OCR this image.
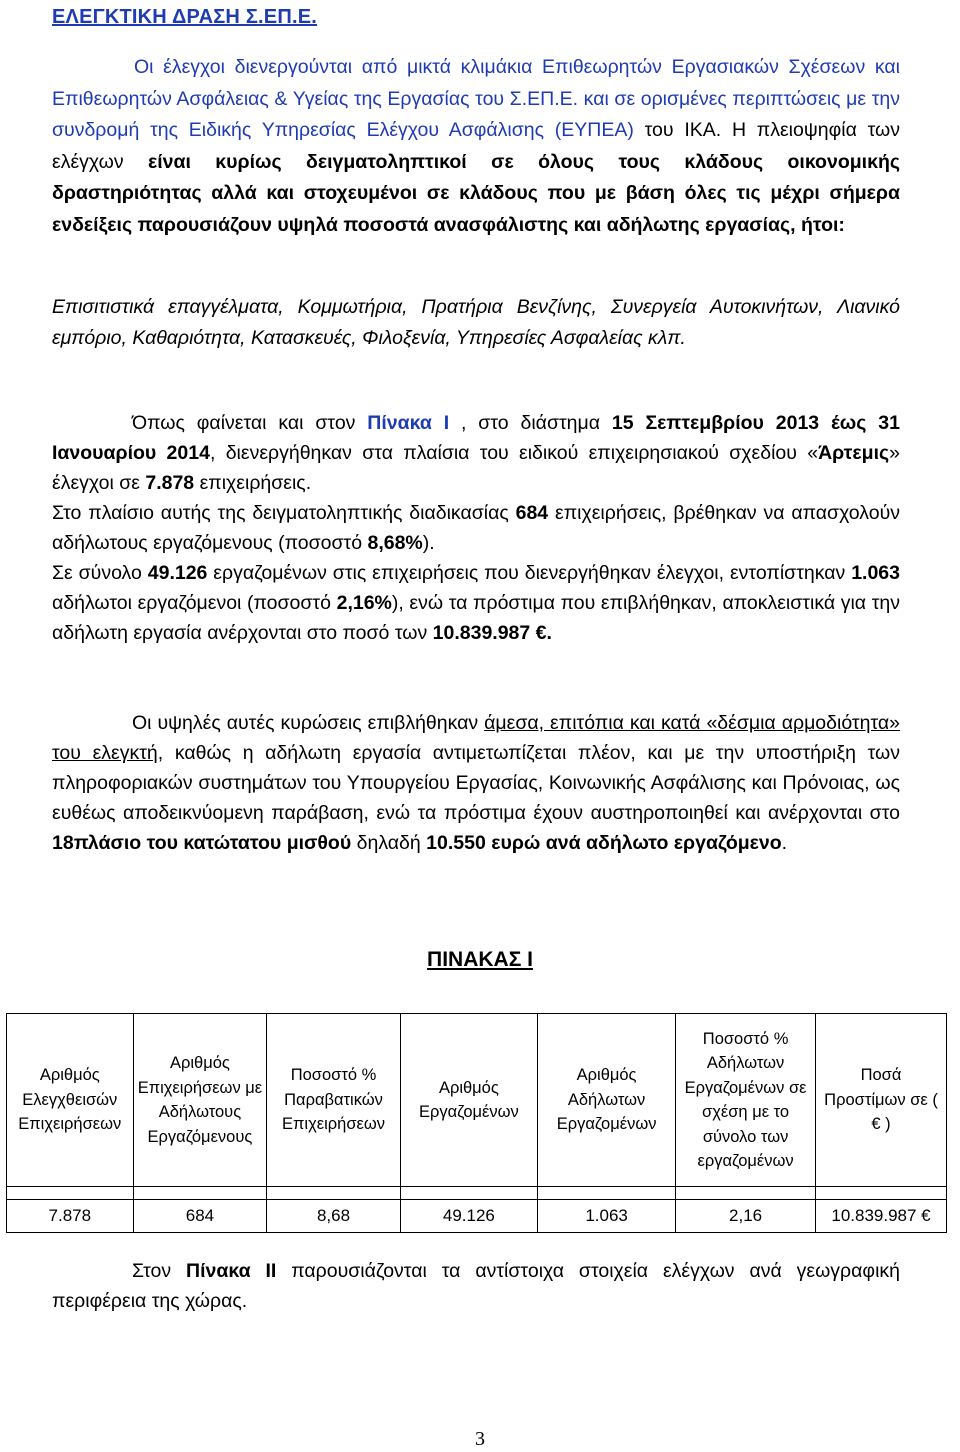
ΕΛΕΓΚΤΙΚΗ ΔΡΑΣΗ Σ.ΕΠ.Ε.
Οι έλεγχοι διενεργούνται από μικτά κλιμάκια Επιθεωρητών Εργασιακών Σχέσεων και Επιθεωρητών Ασφάλειας & Υγείας της Εργασίας του Σ.ΕΠ.Ε. και σε ορισμένες περιπτώσεις με την συνδρομή της Ειδικής Υπηρεσίας Ελέγχου Ασφάλισης (ΕΥΠΕΑ) του ΙΚΑ. Η πλειοψηφία των ελέγχων είναι κυρίως δειγματοληπτικοί σε όλους τους κλάδους οικονομικής δραστηριότητας αλλά και στοχευμένοι σε κλάδους που με βάση όλες τις μέχρι σήμερα ενδείξεις παρουσιάζουν υψηλά ποσοστά ανασφάλιστης και αδήλωτης εργασίας, ήτοι:
Επισιτιστικά επαγγέλματα, Κομμωτήρια, Πρατήρια Βενζίνης, Συνεργεία Αυτοκινήτων, Λιανικό εμπόριο, Καθαριότητα, Κατασκευές, Φιλοξενία, Υπηρεσίες Ασφαλείας κλπ.
Όπως φαίνεται και στον Πίνακα Ι , στο διάστημα 15 Σεπτεμβρίου 2013 έως 31 Ιανουαρίου 2014, διενεργήθηκαν στα πλαίσια του ειδικού επιχειρησιακού σχεδίου «Άρτεμις» έλεγχοι σε 7.878 επιχειρήσεις.
Στο πλαίσιο αυτής της δειγματοληπτικής διαδικασίας 684 επιχειρήσεις, βρέθηκαν να απασχολούν αδήλωτους εργαζόμενους (ποσοστό 8,68%).
Σε σύνολο 49.126 εργαζομένων στις επιχειρήσεις που διενεργήθηκαν έλεγχοι, εντοπίστηκαν 1.063 αδήλωτοι εργαζόμενοι (ποσοστό 2,16%), ενώ τα πρόστιμα που επιβλήθηκαν, αποκλειστικά για την αδήλωτη εργασία ανέρχονται στο ποσό των 10.839.987 €.
Οι υψηλές αυτές κυρώσεις επιβλήθηκαν άμεσα, επιτόπια και κατά «δέσμια αρμοδιότητα» του ελεγκτή, καθώς η αδήλωτη εργασία αντιμετωπίζεται πλέον, και με την υποστήριξη των πληροφοριακών συστημάτων του Υπουργείου Εργασίας, Κοινωνικής Ασφάλισης και Πρόνοιας, ως ευθέως αποδεικνύομενη παράβαση, ενώ τα πρόστιμα έχουν αυστηροποιηθεί και ανέρχονται στο 18πλάσιο του κατώτατου μισθού δηλαδή 10.550 ευρώ ανά αδήλωτο εργαζόμενο.
ΠΙΝΑΚΑΣ Ι
Αριθμός Ελεγχθεισών Επιχειρήσεων	Αριθμός Επιχειρήσεων με Αδήλωτους Εργαζόμενους	Ποσοστό % Παραβατικών Επιχειρήσεων	Αριθμός Εργαζομένων	Αριθμός Αδήλωτων Εργαζομένων	Ποσοστό % Αδήλωτων Εργαζομένων σε σχέση με το σύνολο των εργαζομένων	Ποσά Προστίμων σε ( € )

7.878	684	8,68	49.126	1.063	2,16	10.839.987 €
Στον Πίνακα ΙΙ παρουσιάζονται τα αντίστοιχα στοιχεία ελέγχων ανά γεωγραφική περιφέρεια της χώρας.
3
